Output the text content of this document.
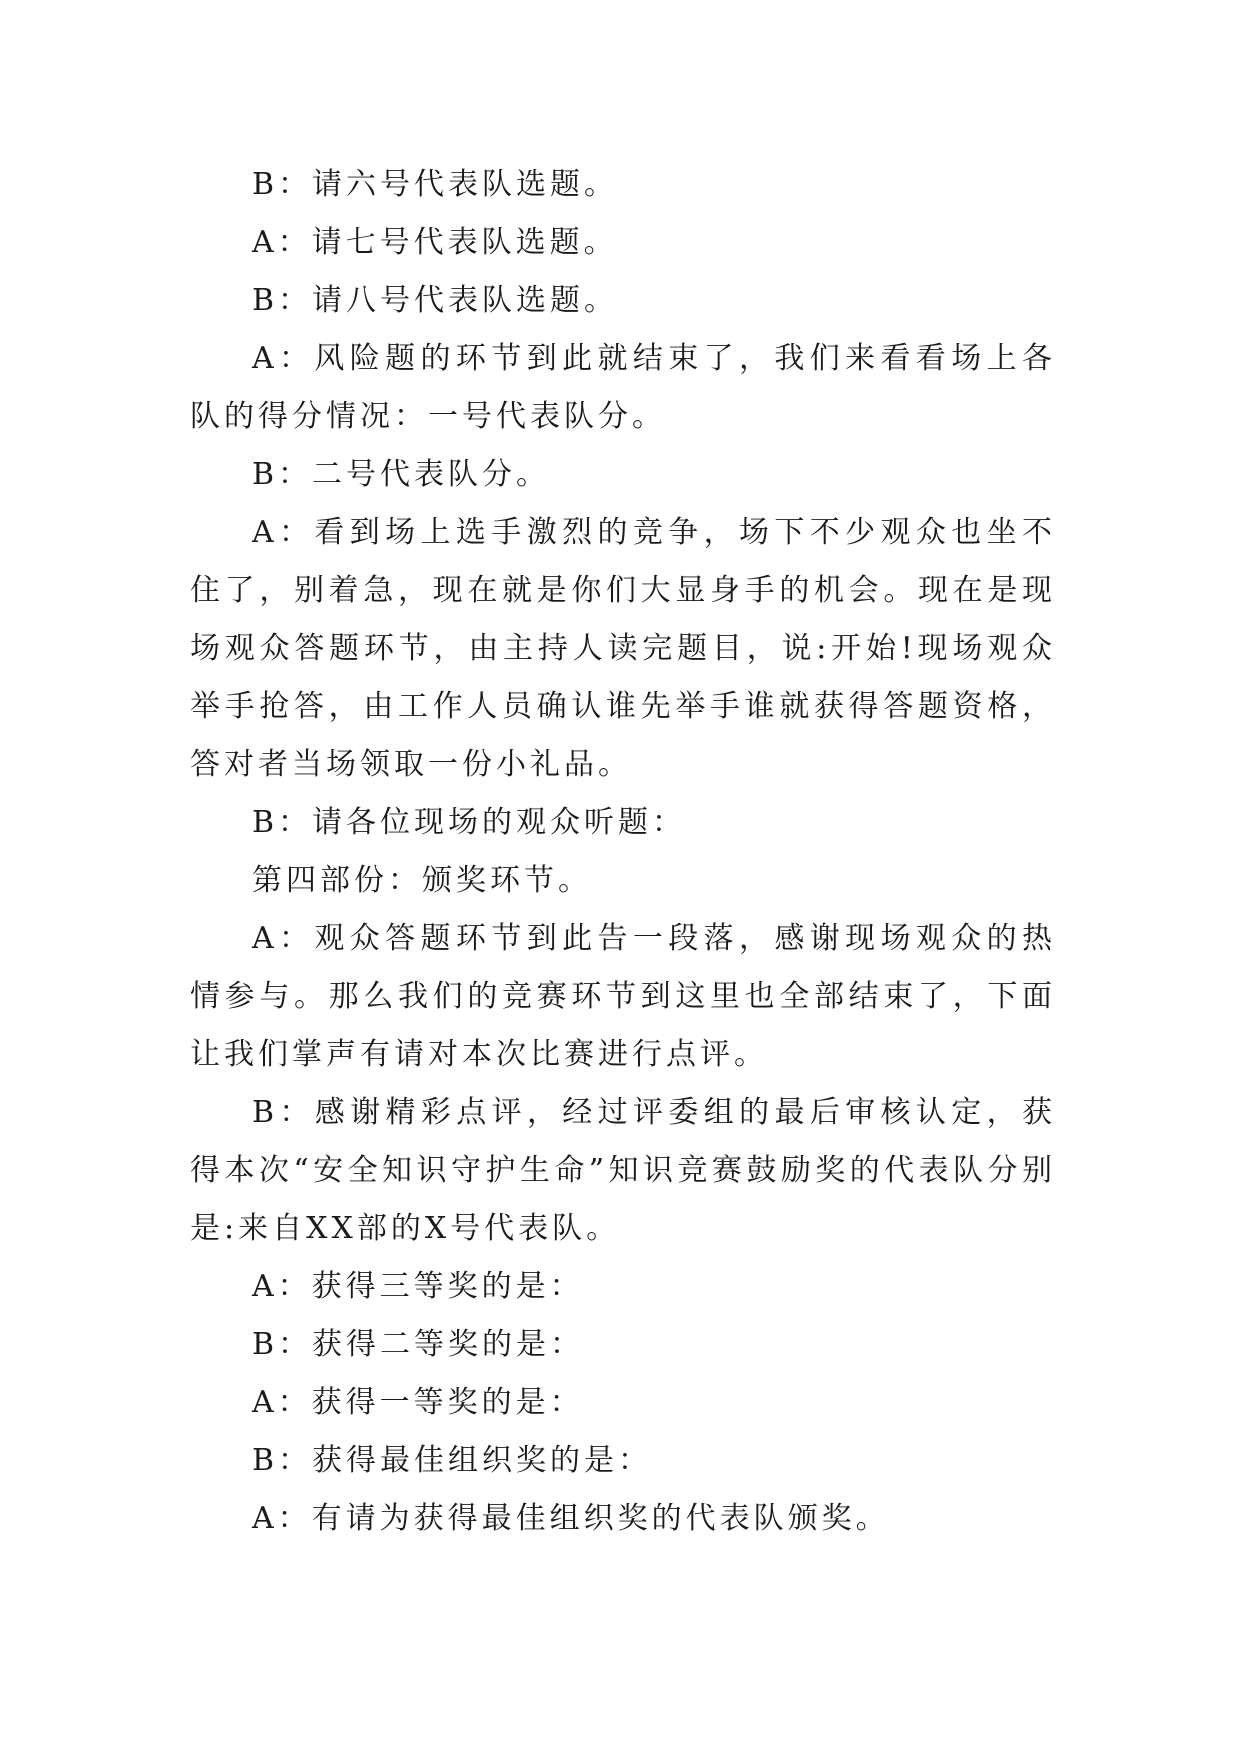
B：请六号代表队选题。

A：请七号代表队选题。

B：请八号代表队选题。

A：风险题的环节到此就结束了，我们来看看场上各队的得分情况：一号代表队分。

B：二号代表队分。

A：看到场上选手激烈的竞争，场下不少观众也坐不住了，别着急，现在就是你们大显身手的机会。现在是现场观众答题环节，由主持人读完题目，说:开始!现场观众举手抢答，由工作人员确认谁先举手谁就获得答题资格，答对者当场领取一份小礼品。

B：请各位现场的观众听题：

第四部份：颁奖环节。

A：观众答题环节到此告一段落，感谢现场观众的热情参与。那么我们的竞赛环节到这里也全部结束了，下面让我们掌声有请对本次比赛进行点评。

B：感谢精彩点评，经过评委组的最后审核认定，获得本次“安全知识守护生命”知识竞赛鼓励奖的代表队分别是:来自XX部的X号代表队。

A：获得三等奖的是：

B：获得二等奖的是：

A：获得一等奖的是：

B：获得最佳组织奖的是：

A：有请为获得最佳组织奖的代表队颁奖。
